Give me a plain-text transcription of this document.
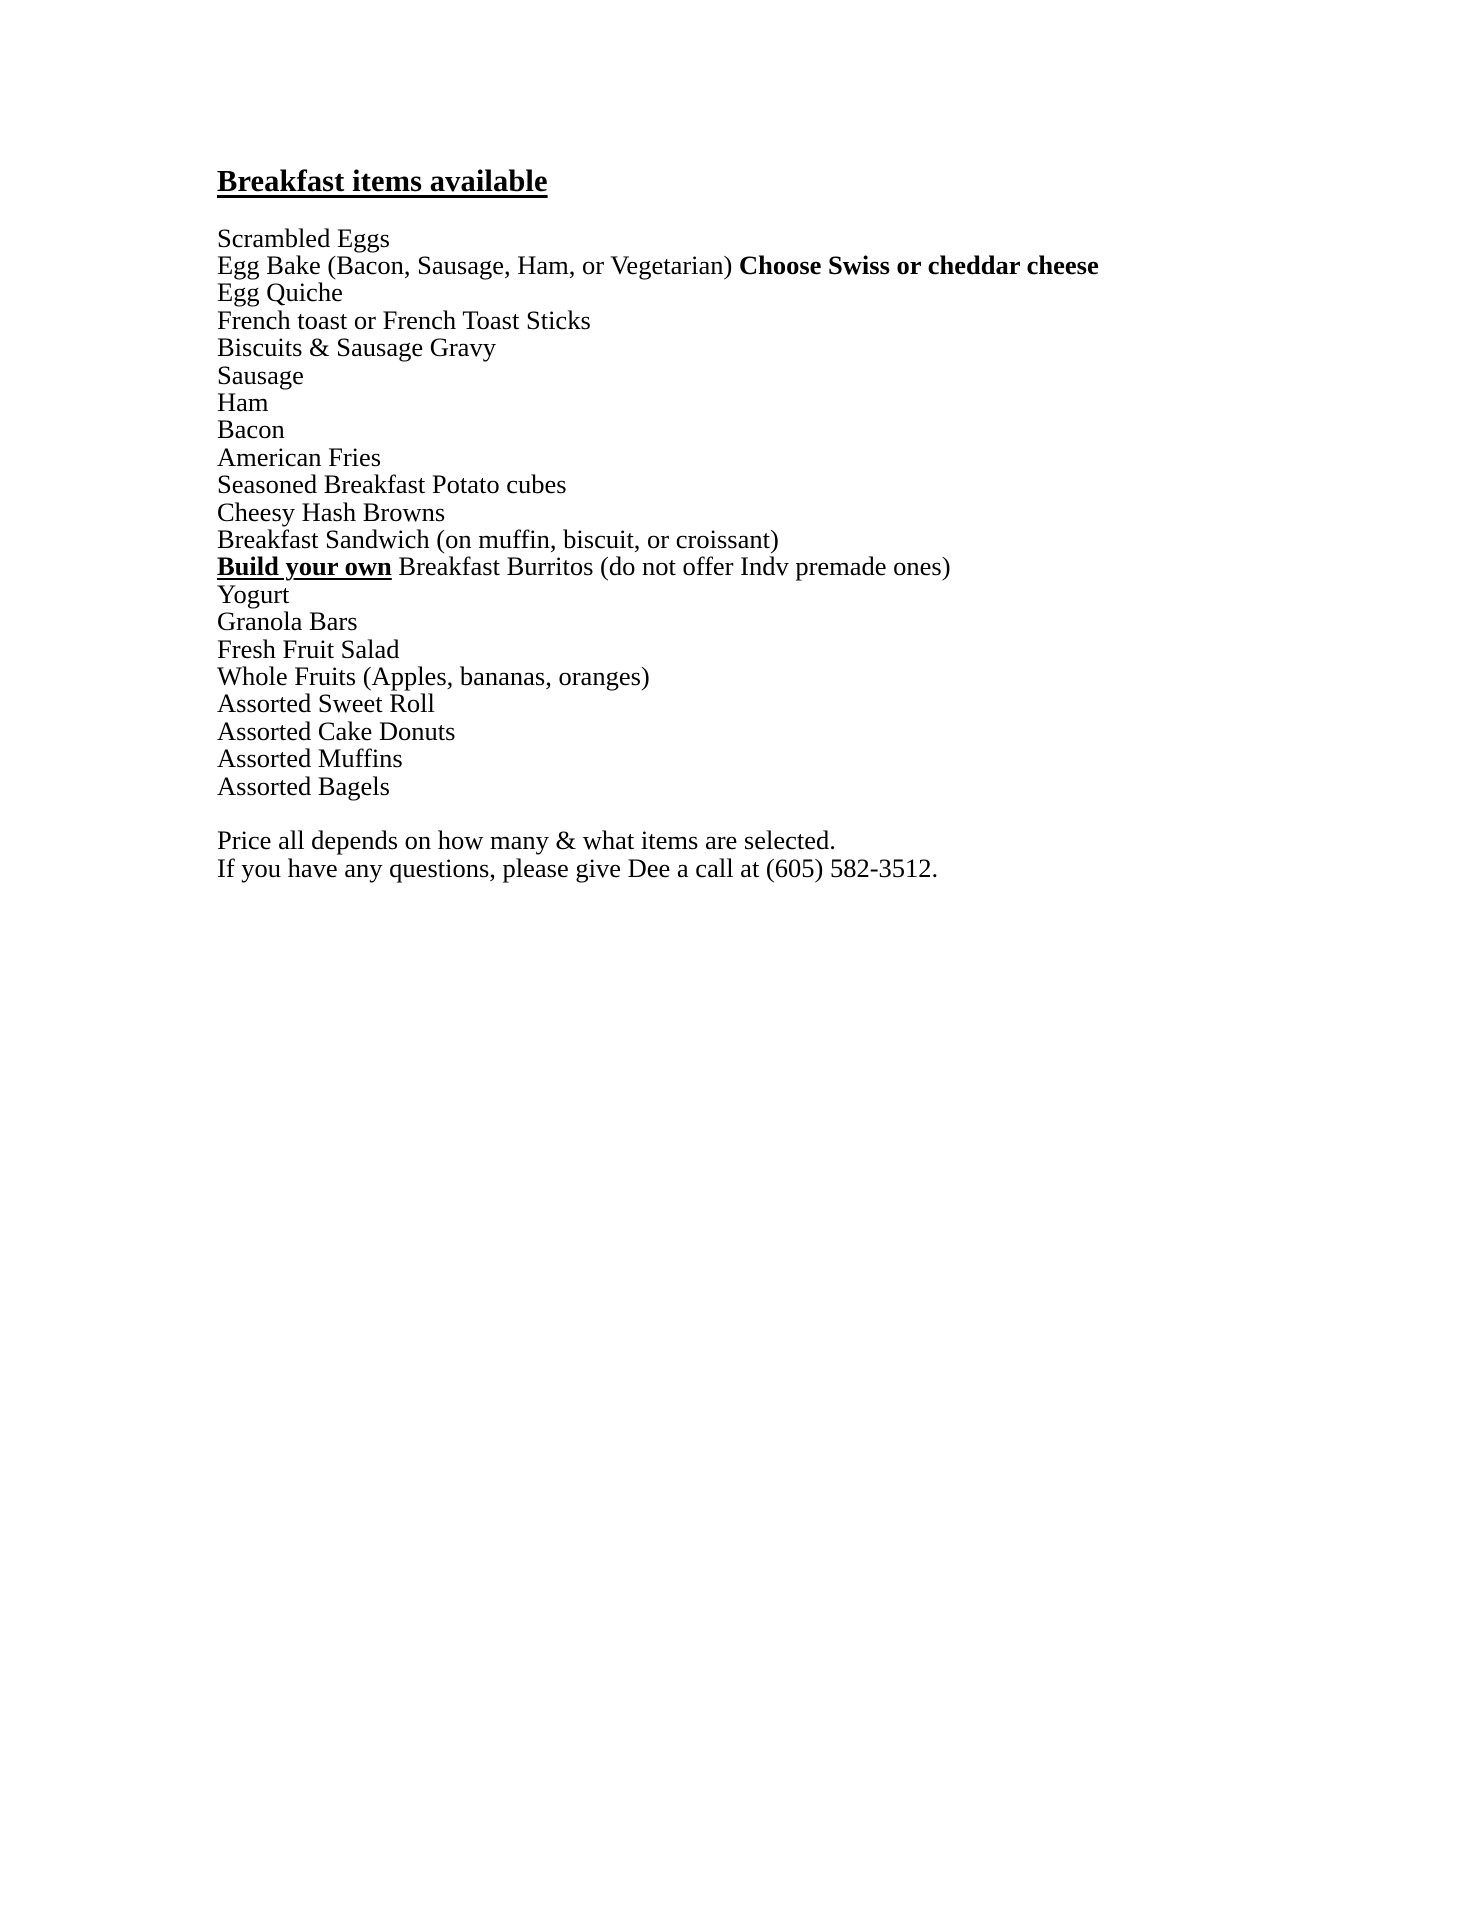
Breakfast items available
Scrambled Eggs
Egg Bake (Bacon, Sausage, Ham, or Vegetarian) Choose Swiss or cheddar cheese
Egg Quiche
French toast or French Toast Sticks
Biscuits & Sausage Gravy
Sausage
Ham
Bacon
American Fries
Seasoned Breakfast Potato cubes
Cheesy Hash Browns
Breakfast Sandwich (on muffin, biscuit, or croissant)
Build your own Breakfast Burritos (do not offer Indv premade ones)
Yogurt
Granola Bars
Fresh Fruit Salad
Whole Fruits (Apples, bananas, oranges)
Assorted Sweet Roll
Assorted Cake Donuts
Assorted Muffins
Assorted Bagels
Price all depends on how many & what items are selected.
If you have any questions, please give Dee a call at (605) 582-3512.
